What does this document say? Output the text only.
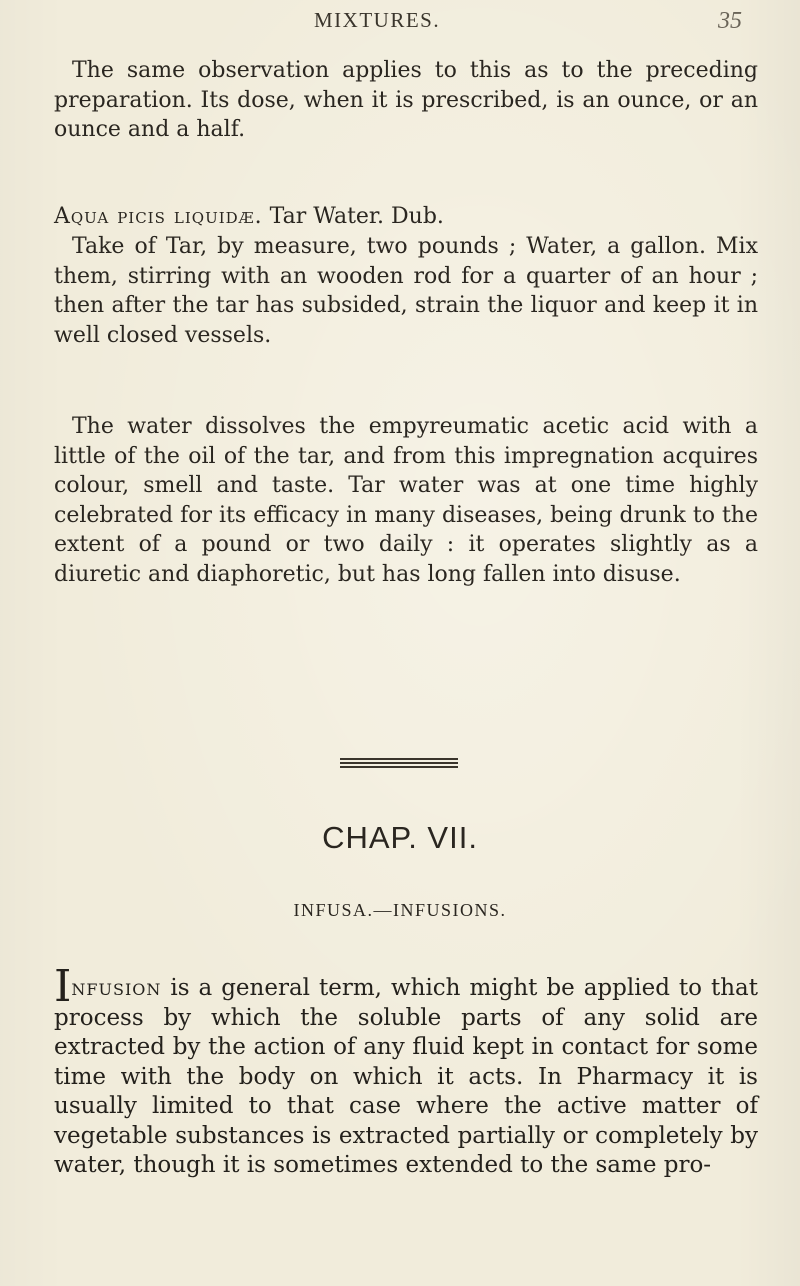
MIXTURES.	35

The same observation applies to this as to the preceding preparation. Its dose, when it is prescribed, is an ounce, or an ounce and a half.

Aqua picis liquidæ. Tar Water. Dub.

Take of Tar, by measure, two pounds ; Water, a gallon. Mix them, stirring with an wooden rod for a quarter of an hour ; then after the tar has subsided, strain the liquor and keep it in well closed vessels.

The water dissolves the empyreumatic acetic acid with a little of the oil of the tar, and from this impregnation acquires colour, smell and taste. Tar water was at one time highly celebrated for its efficacy in many diseases, being drunk to the extent of a pound or two daily : it operates slightly as a diuretic and diaphoretic, but has long fallen into disuse.

CHAP. VII.
INFUSA.—INFUSIONS.

Infusion is a general term, which might be applied to that process by which the soluble parts of any solid are extracted by the action of any fluid kept in contact for some time with the body on which it acts. In Pharmacy it is usually limited to that case where the active matter of vegetable substances is extracted partially or completely by water, though it is sometimes extended to the same pro-
